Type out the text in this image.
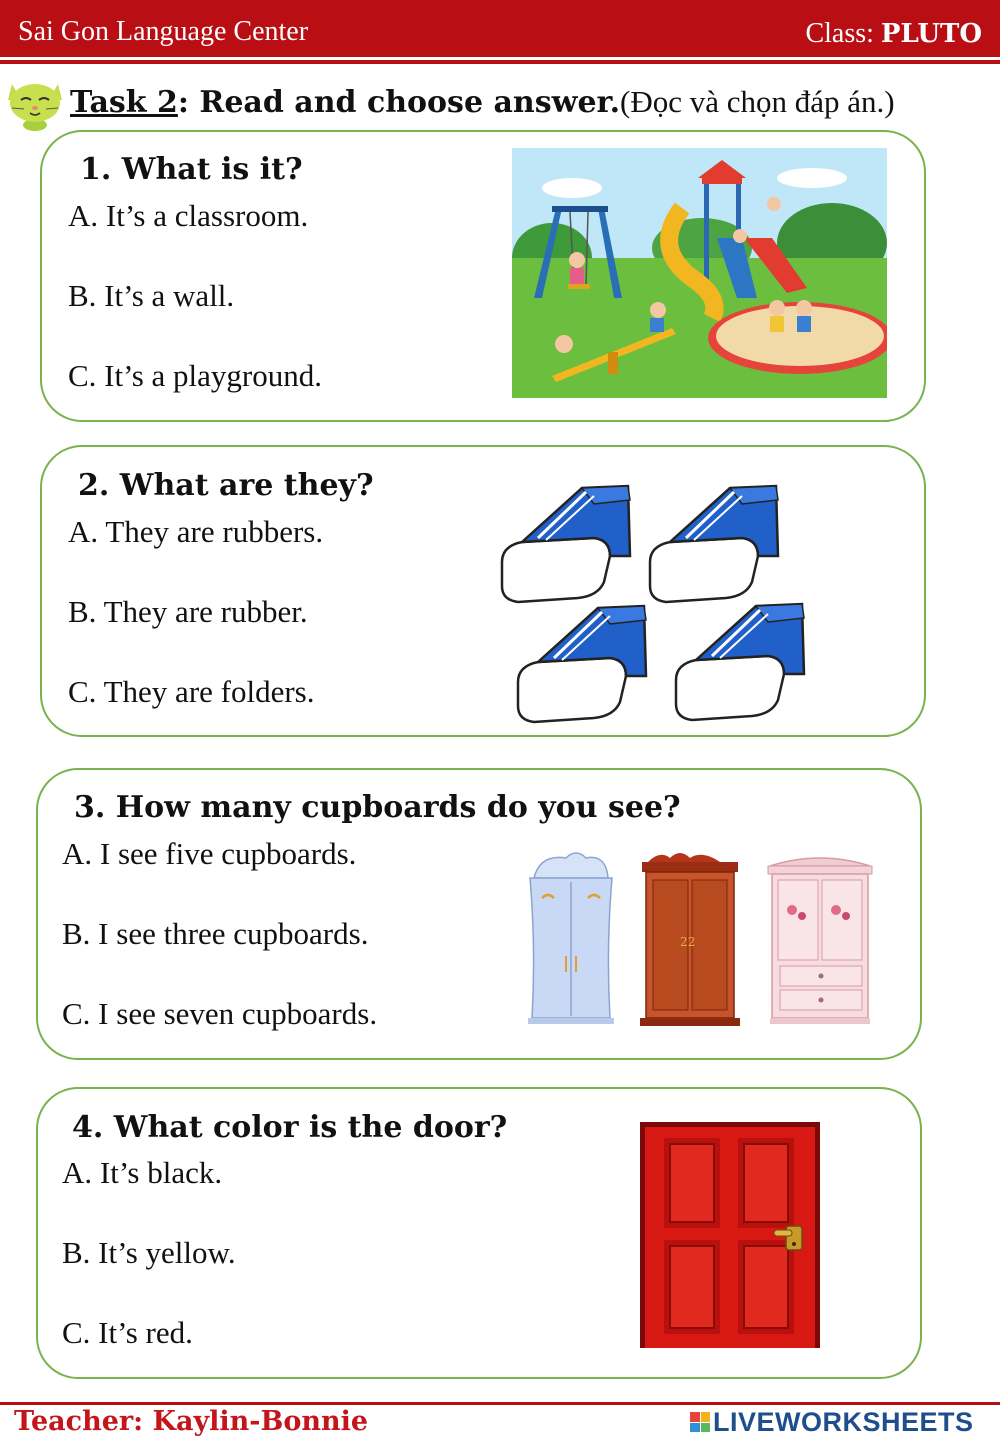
Sai Gon Language Center	Class: PLUTO
Task 2: Read and choose answer.(Đọc và chọn đáp án.)
1. What is it?
A. It’s a classroom.
B. It’s a wall.
C. It’s a playground.
2. What are they?
A. They are rubbers.
B. They are rubber.
C. They are folders.
3. How many cupboards do you see?
A. I see five cupboards.
B. I see three cupboards.
C. I see seven cupboards.
22
4. What color is the door?
A. It’s black.
B. It’s yellow.
C. It’s red.
Teacher: Kaylin-Bonnie	LIVEWORKSHEETS
